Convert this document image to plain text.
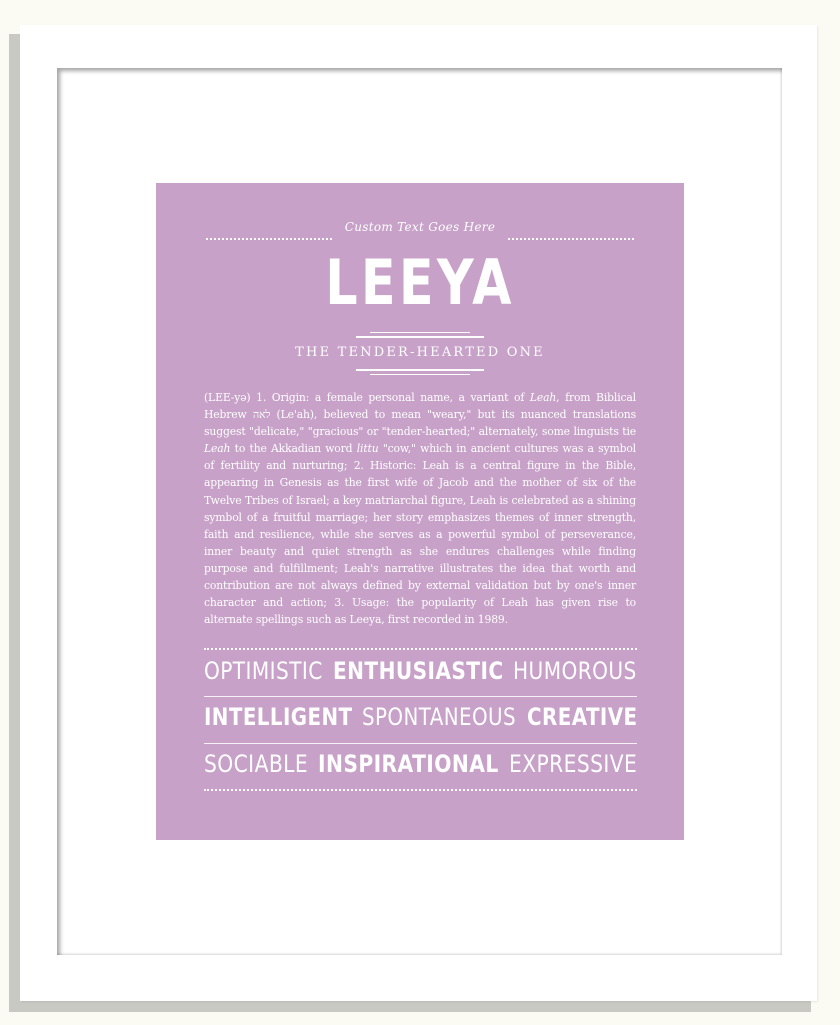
Custom Text Goes Here
LEEYA
THE TENDER-HEARTED ONE
(LEE-yə) 1. Origin: a female personal name, a variant of Leah, from Biblical Hebrew לאה (Le'ah), believed to mean "weary," but its nuanced translations suggest "delicate," "gracious" or "tender-hearted;" alternately, some linguists tie Leah to the Akkadian word littu "cow," which in ancient cultures was a symbol of fertility and nurturing; 2. Historic: Leah is a central figure in the Bible, appearing in Genesis as the first wife of Jacob and the mother of six of the Twelve Tribes of Israel; a key matriarchal figure, Leah is celebrated as a shining symbol of a fruitful marriage; her story emphasizes themes of inner strength, faith and resilience, while she serves as a powerful symbol of perseverance, inner beauty and quiet strength as she endures challenges while finding purpose and fulfillment; Leah's narrative illustrates the idea that worth and contribution are not always defined by external validation but by one's inner character and action; 3. Usage: the popularity of Leah has given rise to alternate spellings such as Leeya, first recorded in 1989.
OPTIMISTIC ENTHUSIASTIC HUMOROUS
INTELLIGENT SPONTANEOUS CREATIVE
SOCIABLE INSPIRATIONAL EXPRESSIVE
